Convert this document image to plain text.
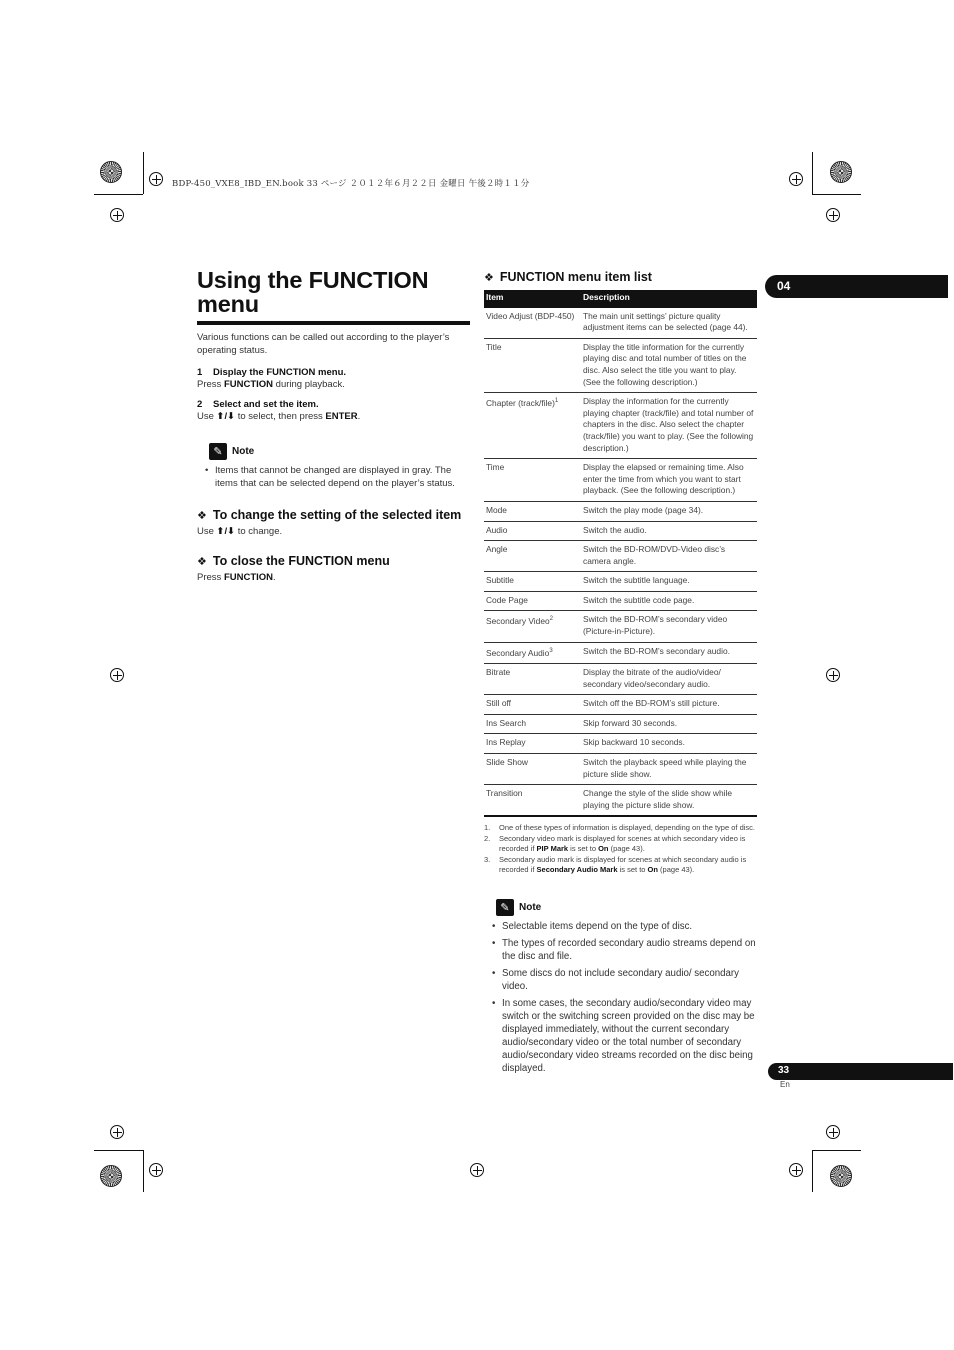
BDP-450_VXE8_IBD_EN.book 33 ページ ２０１２年６月２２日 金曜日 午後２時１１分
04
Using the FUNCTION menu

Various functions can be called out according to the player’s operating status.

1 Display the FUNCTION menu.
Press FUNCTION during playback.
2 Select and set the item.
Use ⬆/⬇ to select, then press ENTER.
✎ Note
• Items that cannot be changed are displayed in gray. The items that can be selected depend on the player’s status.
❖ To change the setting of the selected item
Use ⬆/⬇ to change.
❖ To close the FUNCTION menu
Press FUNCTION.
❖ FUNCTION menu item list
Item	Description
Video Adjust (BDP-450)	The main unit settings’ picture quality adjustment items can be selected (page 44).
Title	Display the title information for the currently playing disc and total number of titles on the disc. Also select the title you want to play. (See the following description.)
Chapter (track/file)$^1$	Display the information for the currently playing chapter (track/file) and total number of chapters in the disc. Also select the chapter (track/file) you want to play. (See the following description.)
Time	Display the elapsed or remaining time. Also enter the time from which you want to start playback. (See the following description.)
Mode	Switch the play mode (page 34).
Audio	Switch the audio.
Angle	Switch the BD-ROM/DVD-Video disc’s camera angle.
Subtitle	Switch the subtitle language.
Code Page	Switch the subtitle code page.
Secondary Video$^2$	Switch the BD-ROM’s secondary video (Picture-in-Picture).
Secondary Audio$^3$	Switch the BD-ROM’s secondary audio.
Bitrate	Display the bitrate of the audio/video/ secondary video/secondary audio.
Still off	Switch off the BD-ROM’s still picture.
Ins Search	Skip forward 30 seconds.
Ins Replay	Skip backward 10 seconds.
Slide Show	Switch the playback speed while playing the picture slide show.
Transition	Change the style of the slide show while playing the picture slide show.
1. One of these types of information is displayed, depending on the type of disc.
2. Secondary video mark is displayed for scenes at which secondary video is recorded if PIP Mark is set to On (page 43).
3. Secondary audio mark is displayed for scenes at which secondary audio is recorded if Secondary Audio Mark is set to On (page 43).
✎ Note
• Selectable items depend on the type of disc.
• The types of recorded secondary audio streams depend on the disc and file.
• Some discs do not include secondary audio/ secondary video.
• In some cases, the secondary audio/secondary video may switch or the switching screen provided on the disc may be displayed immediately, without the current secondary audio/secondary video or the total number of secondary audio/secondary video streams recorded on the disc being displayed.	33
En
